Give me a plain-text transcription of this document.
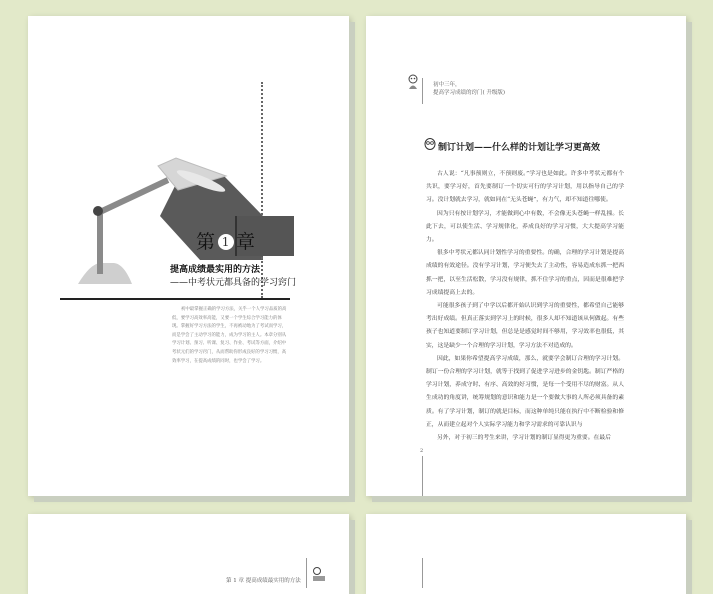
第 1 章
提高成绩最实用的方法
——中考状元都具备的学习窍门
初中最掌握正确的学习方法，关乎一个人学习品质的高低，要学习高效率高能，又要一个学生综合学习能力的体现。掌握好学习方法的学生，不再被动地为了考试而学习，而是学会了主动学习的能力，成为学习的主人。本章分别从学习计划、预习、听课、复习、作业、考试等方面，介绍中考状元们的学习窍门，从而帮助你形成良好的学习习惯，高效率学习，在提高成绩的同时，也学会了学习。
初中三年，
提高学习成绩的窍门( 升级版)
制订计划——什么样的计划让学习更高效

古人说：“凡事预则立，不预则废。”学习也是如此。许多中考状元都有个共识，要学习好，首先要制订一个切实可行的学习计划，用以指导自己的学习。没计划就去学习，就如同在“无头苍蝇”，有力气，却不知道往哪使。

因为只有按计划学习，才能做到心中有数，不会像无头苍蝇一样乱撞。长此下去，可以使生活、学习规律化，养成良好的学习习惯，大大提高学习能力。

很多中考状元都认同计划性学习的重要性。的确，合理的学习计划是提高成绩的有效途径。没有学习计划，学习便失去了主动性，容易造成东抓一把西抓一把，以至生活松散，学习没有规律，抓不住学习的重点，因而是很难把学习成绩提高上去的。

可能很多孩子到了中学以后都开始认识到学习的重要性，都希望自己能够考出好成绩。但真正落实到学习上的时候，很多人却不知道该从何做起。有些孩子也知道要制订学习计划，但总是是感觉时间不够用，学习效率也很低，其实，这是缺少一个合理的学习计划，学习方法不对造成的。

因此，如果你希望提高学习成绩，那么，就要学会制订合理的学习计划。制订一份合理的学习计划，就等于找到了促进学习进步的金钥匙。制订严格的学习计划，养成守时、有序、高效的好习惯，是每一个受用不尽的财富。从人生成功的角度讲，统筹规划的意识和能力是一个要做大事的人所必须具备的素质。有了学习计划，制订的就是目标，而这种单纯只能在执行中不断检验和修正，从而建立起对个人实际学习能力和学习需求的可靠认识与

另外，对于初三的考生来讲，学习计划的制订显得更为重要。在最后

2
第 1 章 提高成绩最实用的方法
